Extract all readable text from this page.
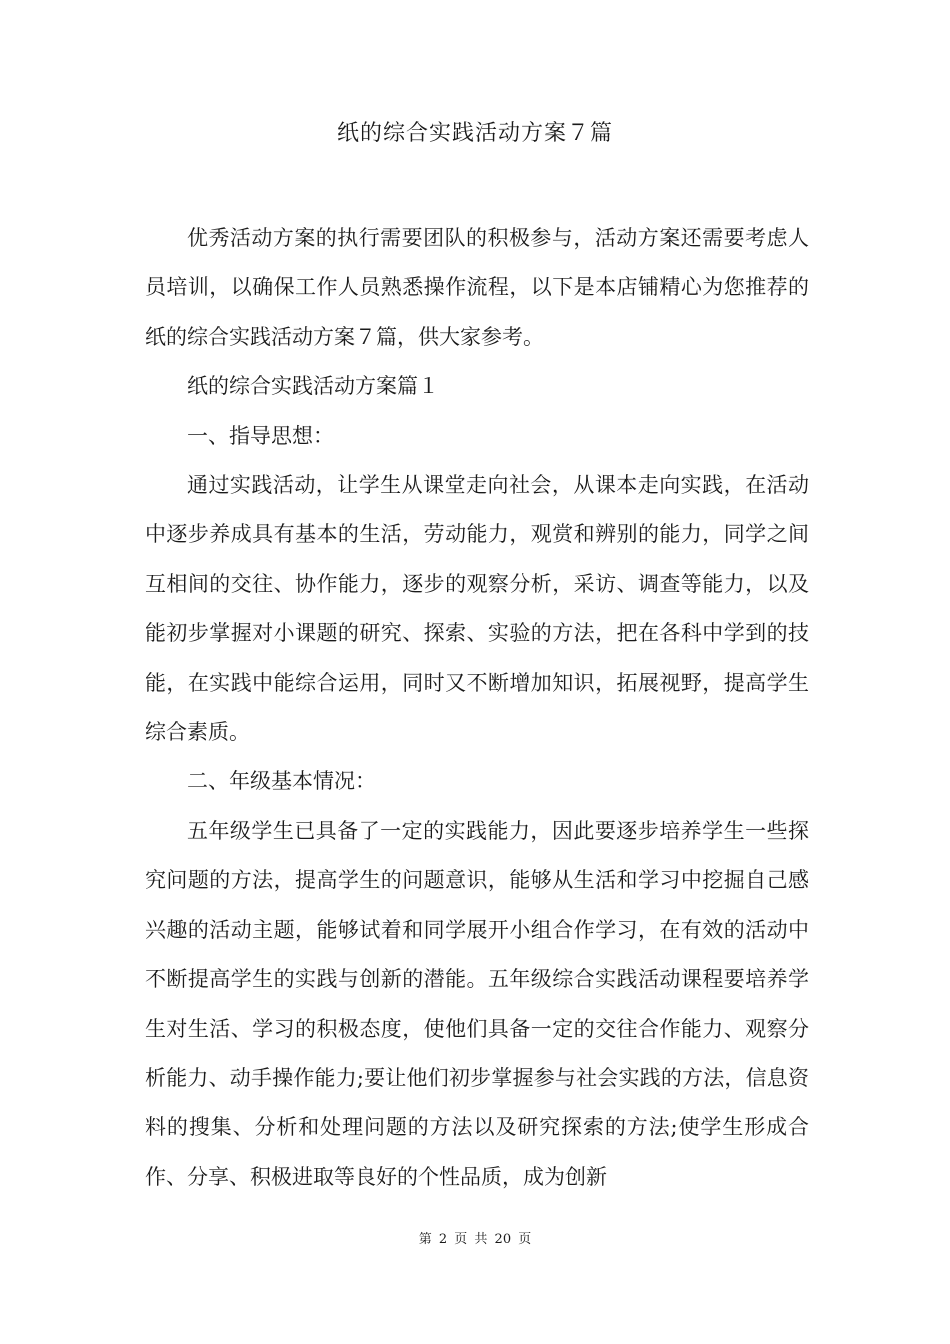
纸的综合实践活动方案７篇

优秀活动方案的执行需要团队的积极参与，活动方案还需要考虑人员培训，以确保工作人员熟悉操作流程，以下是本店铺精心为您推荐的纸的综合实践活动方案７篇，供大家参考。

纸的综合实践活动方案篇１

一、指导思想：

通过实践活动，让学生从课堂走向社会，从课本走向实践，在活动中逐步养成具有基本的生活，劳动能力，观赏和辨别的能力，同学之间互相间的交往、协作能力，逐步的观察分析，采访、调查等能力，以及能初步掌握对小课题的研究、探索、实验的方法，把在各科中学到的技能，在实践中能综合运用，同时又不断增加知识，拓展视野，提高学生综合素质。

二、年级基本情况：

五年级学生已具备了一定的实践能力，因此要逐步培养学生一些探究问题的方法，提高学生的问题意识，能够从生活和学习中挖掘自己感兴趣的活动主题，能够试着和同学展开小组合作学习，在有效的活动中不断提高学生的实践与创新的潜能。五年级综合实践活动课程要培养学生对生活、学习的积极态度，使他们具备一定的交往合作能力、观察分析能力、动手操作能力;要让他们初步掌握参与社会实践的方法，信息资料的搜集、分析和处理问题的方法以及研究探索的方法;使学生形成合作、分享、积极进取等良好的个性品质，成为创新

第 2 页 共 20 页
